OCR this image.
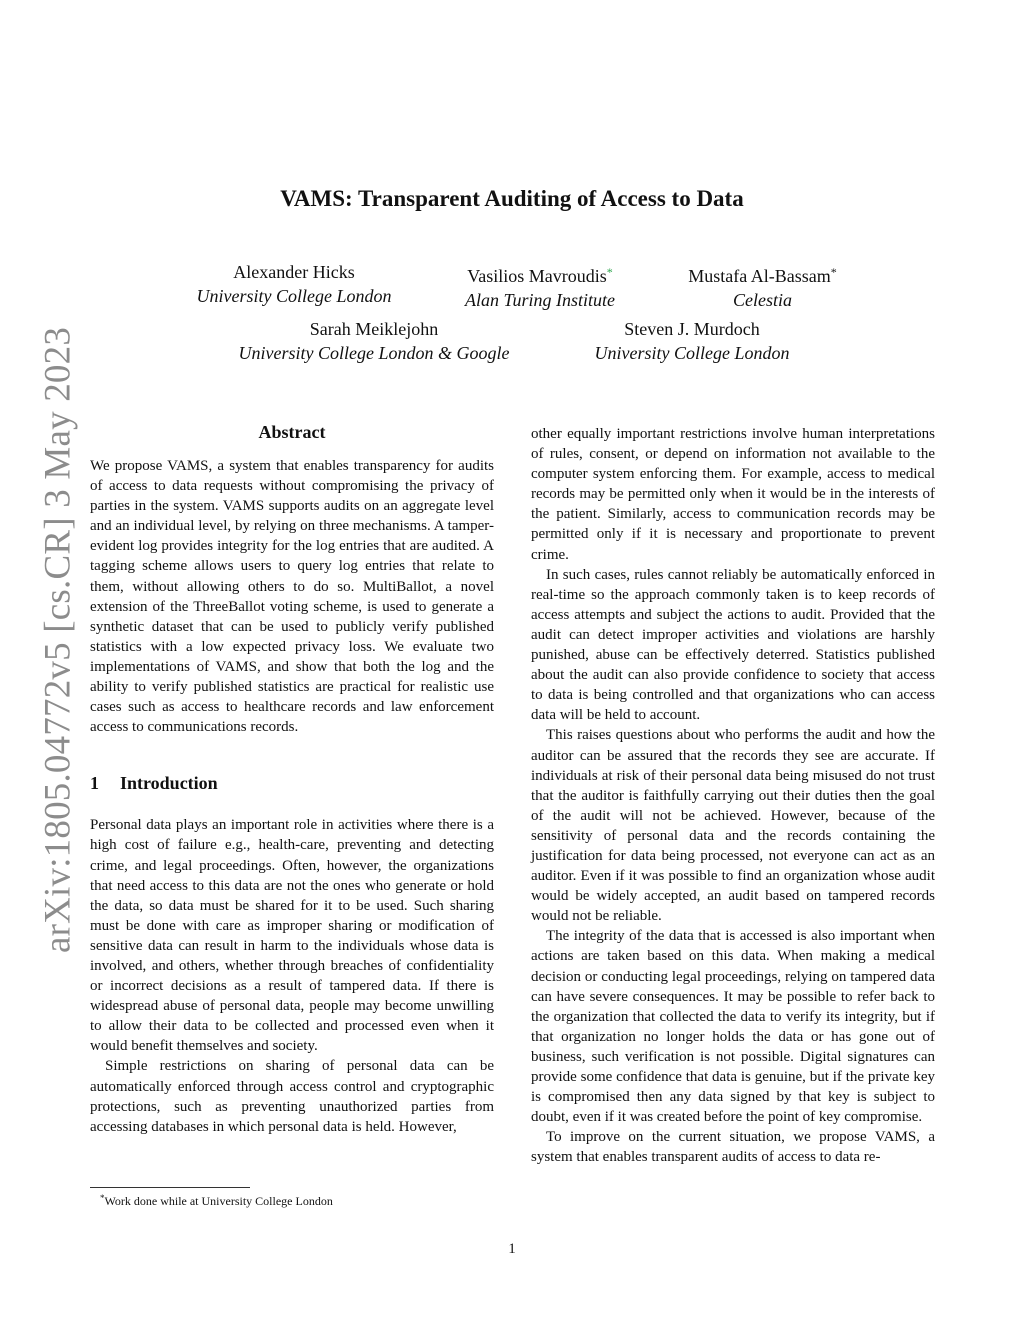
arXiv:1805.04772v5 [cs.CR] 3 May 2023
VAMS: Transparent Auditing of Access to Data
Alexander Hicks
University College London
Vasilios Mavroudis*
Alan Turing Institute
Mustafa Al-Bassam*
Celestia
Sarah Meiklejohn
University College London & Google
Steven J. Murdoch
University College London
Abstract

We propose VAMS, a system that enables transparency for audits of access to data requests without compromising the privacy of parties in the system. VAMS supports audits on an aggregate level and an individual level, by relying on three mechanisms. A tamper-evident log provides integrity for the log entries that are audited. A tagging scheme allows users to query log entries that relate to them, without allowing others to do so. MultiBallot, a novel extension of the ThreeBallot voting scheme, is used to generate a synthetic dataset that can be used to publicly verify published statistics with a low expected privacy loss. We evaluate two implementations of VAMS, and show that both the log and the ability to verify published statistics are practical for realistic use cases such as access to healthcare records and law enforcement access to communications records.

1 Introduction

Personal data plays an important role in activities where there is a high cost of failure e.g., health-care, preventing and detecting crime, and legal proceedings. Often, however, the organizations that need access to this data are not the ones who generate or hold the data, so data must be shared for it to be used. Such sharing must be done with care as improper sharing or modification of sensitive data can result in harm to the individuals whose data is involved, and others, whether through breaches of confidentiality or incorrect decisions as a result of tampered data. If there is widespread abuse of personal data, people may become unwilling to allow their data to be collected and processed even when it would benefit themselves and society.

Simple restrictions on sharing of personal data can be automatically enforced through access control and cryptographic protections, such as preventing unauthorized parties from accessing databases in which personal data is held. However,

other equally important restrictions involve human interpretations of rules, consent, or depend on information not available to the computer system enforcing them. For example, access to medical records may be permitted only when it would be in the interests of the patient. Similarly, access to communication records may be permitted only if it is necessary and proportionate to prevent crime.

In such cases, rules cannot reliably be automatically enforced in real-time so the approach commonly taken is to keep records of access attempts and subject the actions to audit. Provided that the audit can detect improper activities and violations are harshly punished, abuse can be effectively deterred. Statistics published about the audit can also provide confidence to society that access to data is being controlled and that organizations who can access data will be held to account.

This raises questions about who performs the audit and how the auditor can be assured that the records they see are accurate. If individuals at risk of their personal data being misused do not trust that the auditor is faithfully carrying out their duties then the goal of the audit will not be achieved. However, because of the sensitivity of personal data and the records containing the justification for data being processed, not everyone can act as an auditor. Even if it was possible to find an organization whose audit would be widely accepted, an audit based on tampered records would not be reliable.

The integrity of the data that is accessed is also important when actions are taken based on this data. When making a medical decision or conducting legal proceedings, relying on tampered data can have severe consequences. It may be possible to refer back to the organization that collected the data to verify its integrity, but if that organization no longer holds the data or has gone out of business, such verification is not possible. Digital signatures can provide some confidence that data is genuine, but if the private key is compromised then any data signed by that key is subject to doubt, even if it was created before the point of key compromise.

To improve on the current situation, we propose VAMS, a system that enables transparent audits of access to data re-

*Work done while at University College London
1
